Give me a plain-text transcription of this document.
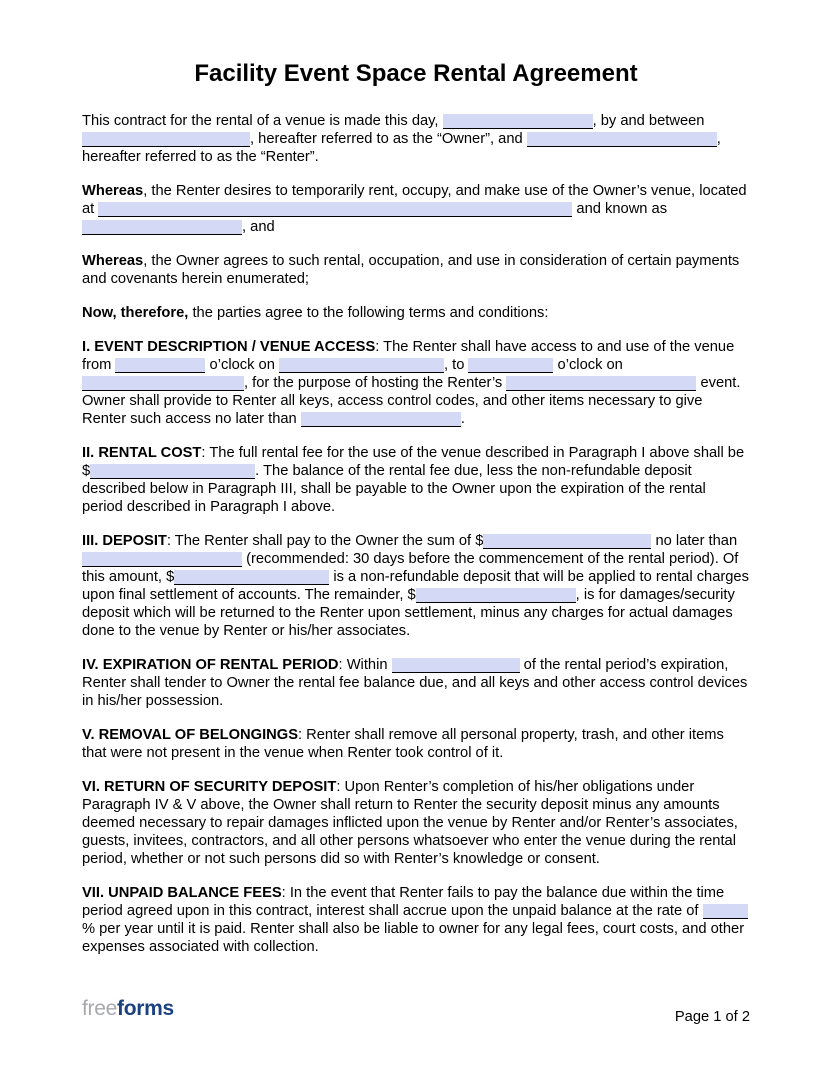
Facility Event Space Rental Agreement

This contract for the rental of a venue is made this day,	, by and between , hereafter referred to as the “Owner”, and	, hereafter referred to as the “Renter”.

Whereas, the Renter desires to temporarily rent, occupy, and make use of the Owner’s venue, located at	and known as , and

Whereas, the Owner agrees to such rental, occupation, and use in consideration of certain payments and covenants herein enumerated;

Now, therefore, the parties agree to the following terms and conditions:

I. EVENT DESCRIPTION / VENUE ACCESS: The Renter shall have access to and use of the venue from	o’clock on	, to	o’clock on , for the purpose of hosting the Renter’s	event. Owner shall provide to Renter all keys, access control codes, and other items necessary to give Renter such access no later than	.

II. RENTAL COST: The full rental fee for the use of the venue described in Paragraph I above shall be $	. The balance of the rental fee due, less the non-refundable deposit described below in Paragraph III, shall be payable to the Owner upon the expiration of the rental period described in Paragraph I above.

III. DEPOSIT: The Renter shall pay to the Owner the sum of $	no later than  (recommended: 30 days before the commencement of the rental period). Of this amount, $	is a non-refundable deposit that will be applied to rental charges upon final settlement of accounts. The remainder, $	, is for damages/security deposit which will be returned to the Renter upon settlement, minus any charges for actual damages done to the venue by Renter or his/her associates.

IV. EXPIRATION OF RENTAL PERIOD: Within	of the rental period’s expiration, Renter shall tender to Owner the rental fee balance due, and all keys and other access control devices in his/her possession.

V. REMOVAL OF BELONGINGS: Renter shall remove all personal property, trash, and other items that were not present in the venue when Renter took control of it.

VI. RETURN OF SECURITY DEPOSIT: Upon Renter’s completion of his/her obligations under Paragraph IV & V above, the Owner shall return to Renter the security deposit minus any amounts deemed necessary to repair damages inflicted upon the venue by Renter and/or Renter’s associates, guests, invitees, contractors, and all other persons whatsoever who enter the venue during the rental period, whether or not such persons did so with Renter’s knowledge or consent.

VII. UNPAID BALANCE FEES: In the event that Renter fails to pay the balance due within the time period agreed upon in this contract, interest shall accrue upon the unpaid balance at the rate of % per year until it is paid. Renter shall also be liable to owner for any legal fees, court costs, and other expenses associated with collection.

freeforms	Page 1 of 2
